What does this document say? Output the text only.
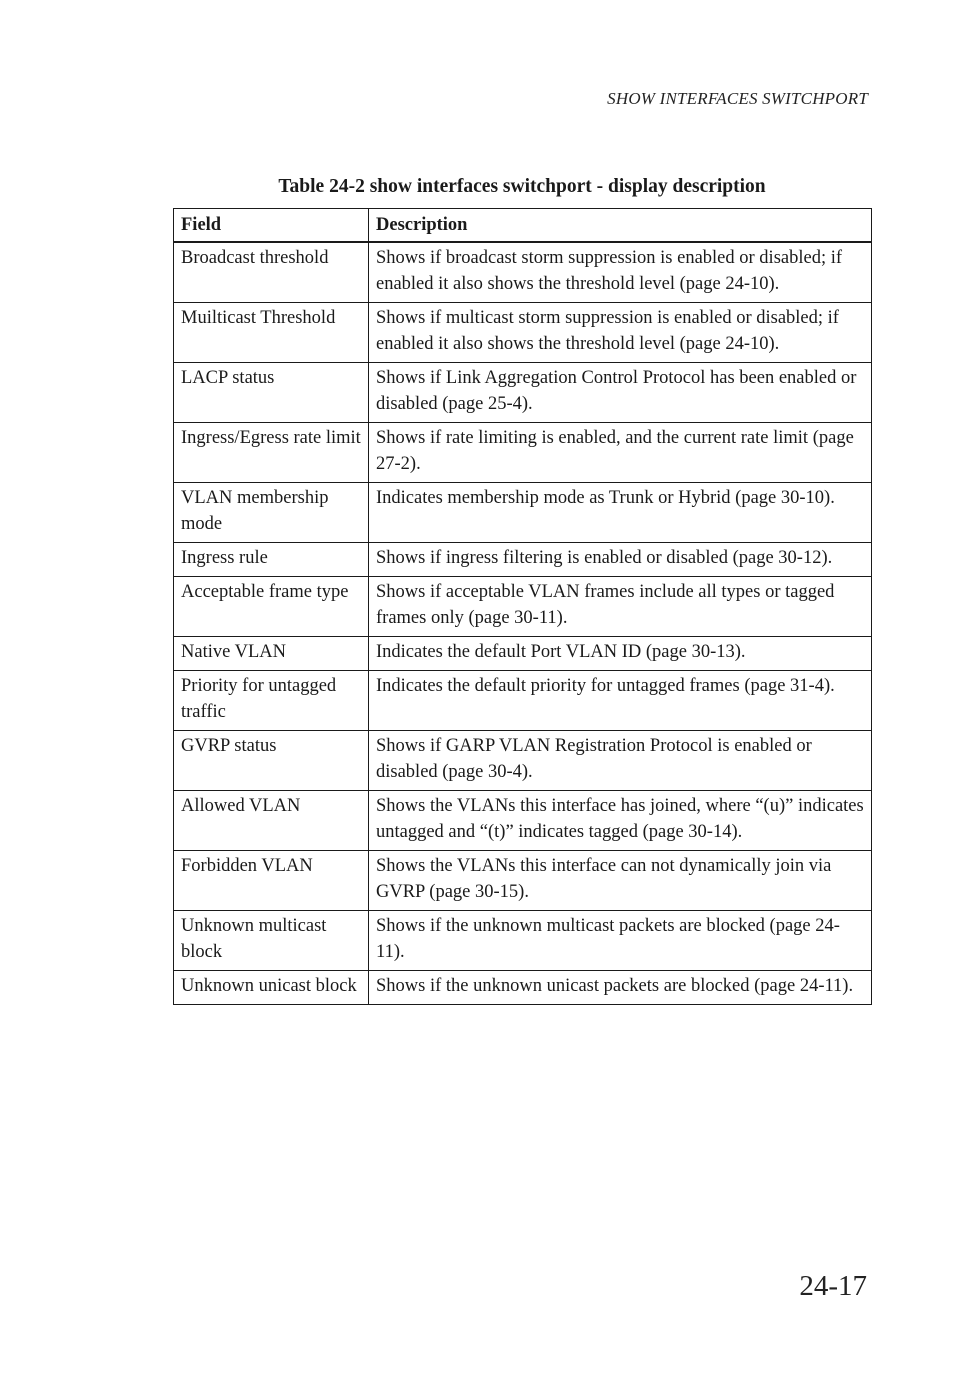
SHOW INTERFACES SWITCHPORT
Table 24-2 show interfaces switchport - display description
Field	Description
Broadcast threshold	Shows if broadcast storm suppression is enabled or disabled; if enabled it also shows the threshold level (page 24-10).
Muilticast Threshold	Shows if multicast storm suppression is enabled or disabled; if enabled it also shows the threshold level (page 24-10).
LACP status	Shows if Link Aggregation Control Protocol has been enabled or disabled (page 25-4).
Ingress/Egress rate limit	Shows if rate limiting is enabled, and the current rate limit (page 27-2).
VLAN membership mode	Indicates membership mode as Trunk or Hybrid (page 30-10).
Ingress rule	Shows if ingress filtering is enabled or disabled (page 30-12).
Acceptable frame type	Shows if acceptable VLAN frames include all types or tagged frames only (page 30-11).
Native VLAN	Indicates the default Port VLAN ID (page 30-13).
Priority for untagged traffic	Indicates the default priority for untagged frames (page 31-4).
GVRP status	Shows if GARP VLAN Registration Protocol is enabled or disabled (page 30-4).
Allowed VLAN	Shows the VLANs this interface has joined, where “(u)” indicates untagged and “(t)” indicates tagged (page 30-14).
Forbidden VLAN	Shows the VLANs this interface can not dynamically join via GVRP (page 30-15).
Unknown multicast block	Shows if the unknown multicast packets are blocked (page 24-11).
Unknown unicast block	Shows if the unknown unicast packets are blocked (page 24-11).
24-17
